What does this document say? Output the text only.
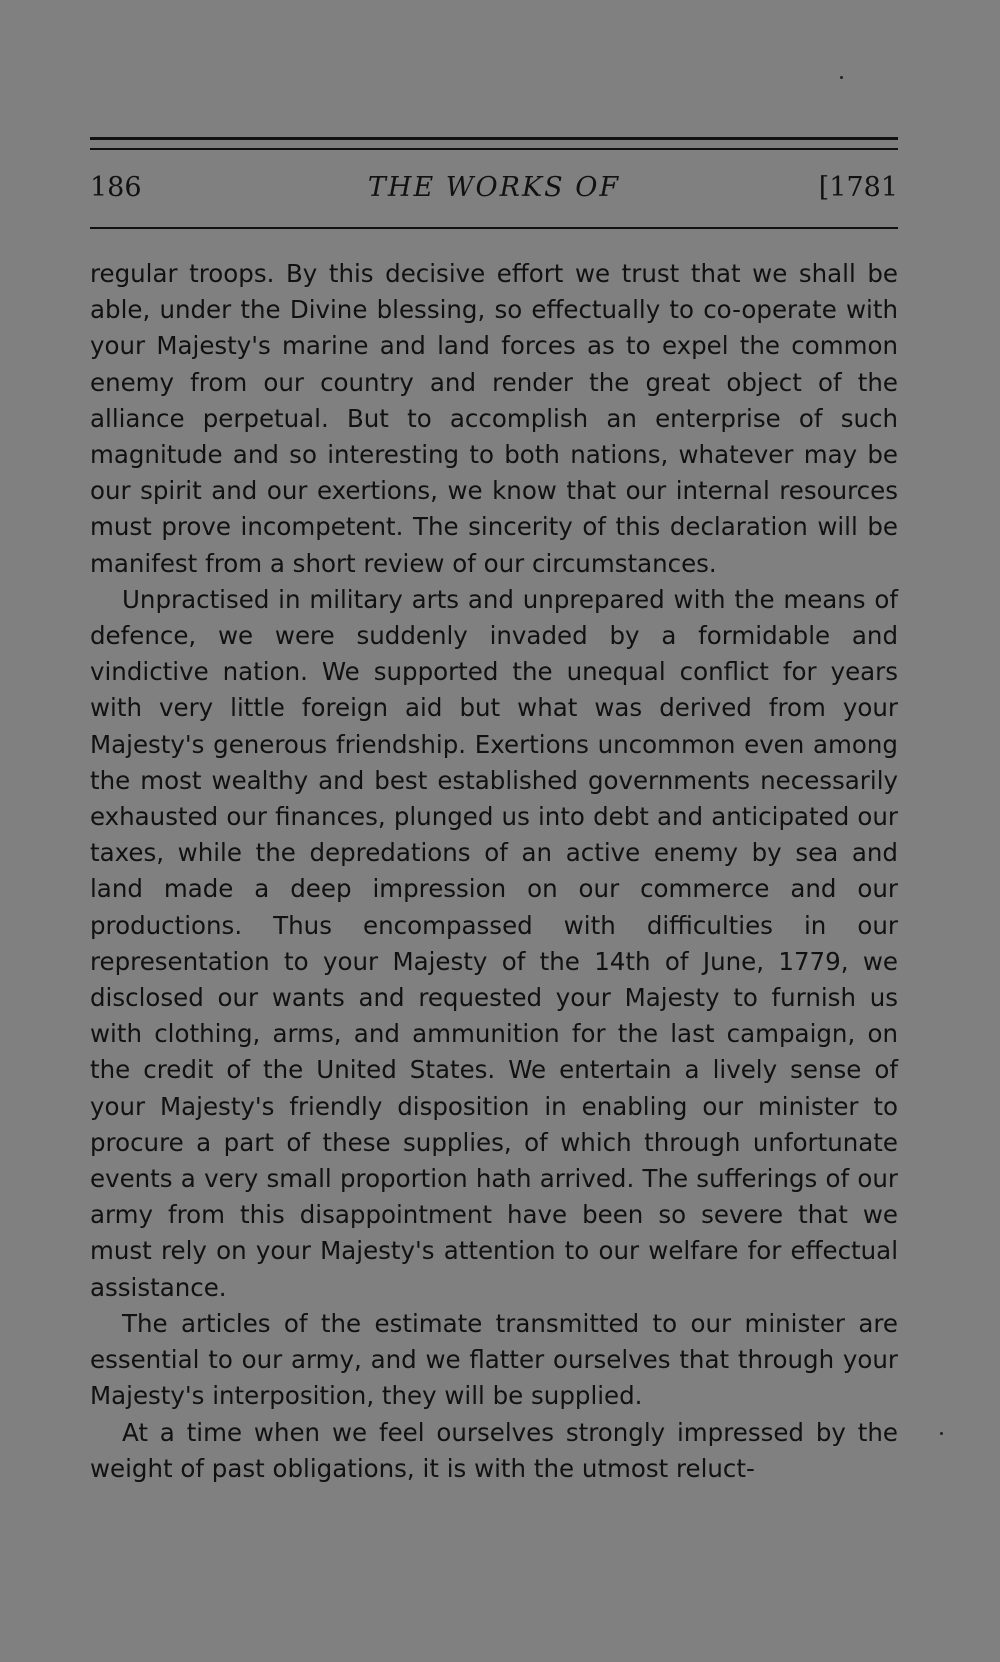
186	THE WORKS OF	[1781

regular troops. By this decisive effort we trust that we shall be able, under the Divine blessing, so effectually to co-operate with your Majesty's marine and land forces as to expel the common enemy from our country and render the great object of the alliance perpetual. But to accomplish an enterprise of such magnitude and so interesting to both nations, whatever may be our spirit and our exertions, we know that our internal resources must prove incompetent. The sincerity of this declaration will be manifest from a short review of our circumstances.

Unpractised in military arts and unprepared with the means of defence, we were suddenly invaded by a formidable and vindictive nation. We supported the unequal conflict for years with very little foreign aid but what was derived from your Majesty's generous friendship. Exertions uncommon even among the most wealthy and best established governments necessarily exhausted our finances, plunged us into debt and anticipated our taxes, while the depredations of an active enemy by sea and land made a deep impression on our commerce and our productions. Thus encompassed with difficulties in our representation to your Majesty of the 14th of June, 1779, we disclosed our wants and requested your Majesty to furnish us with clothing, arms, and ammunition for the last campaign, on the credit of the United States. We entertain a lively sense of your Majesty's friendly disposition in enabling our minister to procure a part of these supplies, of which through unfortunate events a very small proportion hath arrived. The sufferings of our army from this disappointment have been so severe that we must rely on your Majesty's attention to our welfare for effectual assistance.

The articles of the estimate transmitted to our minister are essential to our army, and we flatter ourselves that through your Majesty's interposition, they will be supplied.

At a time when we feel ourselves strongly impressed by the weight of past obligations, it is with the utmost reluct-
